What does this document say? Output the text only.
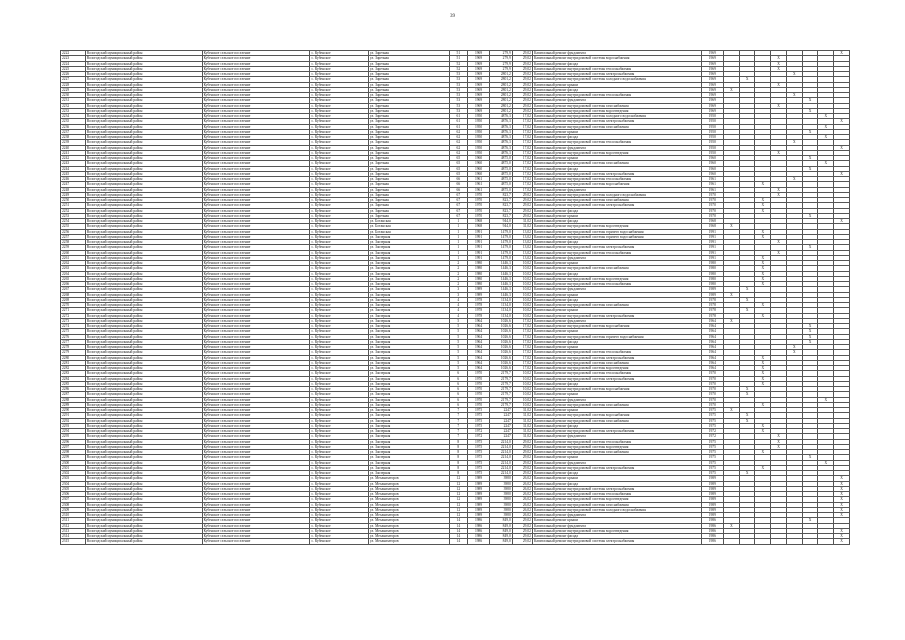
39
2222	Вологодский муниципальный район	Кубенское сельское поселение	с. Кубенское	ул. Заречная	51	1969	279,9	29,02	Капитальный ремонт фундамента	1969								X
2223	Вологодский муниципальный район	Кубенское сельское поселение	с. Кубенское	ул. Заречная	51	1969	279,9	29,02	Капитальный ремонт внутридомовой системы водоснабжения	1969				X				
2224	Вологодский муниципальный район	Кубенское сельское поселение	с. Кубенское	ул. Заречная	52	1969	279,9	29,02	Капитальный ремонт фасада	1969				X				
2225	Вологодский муниципальный район	Кубенское сельское поселение	с. Кубенское	ул. Заречная	52	1969	279,9	29,02	Капитальный ремонт внутридомовой системы теплоснабжения	1969				X				
2226	Вологодский муниципальный район	Кубенское сельское поселение	с. Кубенское	ул. Заречная	53	1969	2801,2	29,02	Капитальный ремонт внутридомовой системы электроснабжения	1969					X			
2227	Вологодский муниципальный район	Кубенское сельское поселение	с. Кубенское	ул. Заречная	53	1969	2801,2	29,02	Капитальный ремонт внутридомовой системы холодного водоснабжения	1969		X						
2228	Вологодский муниципальный район	Кубенское сельское поселение	с. Кубенское	ул. Заречная	53	1969	2801,2	29,02	Капитальный ремонт крыши	1969				X				
2229	Вологодский муниципальный район	Кубенское сельское поселение	с. Кубенское	ул. Заречная	53	1969	2801,2	29,02	Капитальный ремонт фасада	1969	X							
2230	Вологодский муниципальный район	Кубенское сельское поселение	с. Кубенское	ул. Заречная	53	1969	2801,2	29,02	Капитальный ремонт внутридомовой системы теплоснабжения	1969					X			
2231	Вологодский муниципальный район	Кубенское сельское поселение	с. Кубенское	ул. Заречная	53	1969	2801,2	29,02	Капитальный ремонт фундамента	1969						X		
2232	Вологодский муниципальный район	Кубенское сельское поселение	с. Кубенское	ул. Заречная	53	1969	2801,2	29,02	Капитальный ремонт внутридомовой системы газоснабжения	1969				X				
2233	Вологодский муниципальный район	Кубенское сельское поселение	с. Кубенское	ул. Заречная	53	1969	2801,2	29,02	Капитальный ремонт внутридомовой системы водоотведения	1969						X		
2234	Вологодский муниципальный район	Кубенское сельское поселение	с. Кубенское	ул. Заречная	61	1950	4876,3	17,02	Капитальный ремонт внутридомовой системы холодного водоснабжения	1950							X	
2235	Вологодский муниципальный район	Кубенское сельское поселение	с. Кубенское	ул. Заречная	61	1950	4876,3	17,02	Капитальный ремонт внутридомовой системы электроснабжения	1950								X
2236	Вологодский муниципальный район	Кубенское сельское поселение	с. Кубенское	ул. Заречная	61	1950	4876,3	17,02	Капитальный ремонт внутридомовой системы газоснабжения	1950							X	
2237	Вологодский муниципальный район	Кубенское сельское поселение	с. Кубенское	ул. Заречная	62	1950	4876,3	17,02	Капитальный ремонт крыши	1950						X		
2238	Вологодский муниципальный район	Кубенское сельское поселение	с. Кубенское	ул. Заречная	62	1950	4876,3	17,02	Капитальный ремонт фасада	1950							X	
2239	Вологодский муниципальный район	Кубенское сельское поселение	с. Кубенское	ул. Заречная	62	1950	4876,3	17,02	Капитальный ремонт внутридомовой системы теплоснабжения	1950					X			
2240	Вологодский муниципальный район	Кубенское сельское поселение	с. Кубенское	ул. Заречная	62	1950	4876,3	17,02	Капитальный ремонт фундамента	1950								X
2241	Вологодский муниципальный район	Кубенское сельское поселение	с. Кубенское	ул. Заречная	62	1950	4876,3	17,02	Капитальный ремонт внутридомовой системы водоотведения	1950				X				
2242	Вологодский муниципальный район	Кубенское сельское поселение	с. Кубенское	ул. Заречная	65	1960	4875,0	17,02	Капитальный ремонт крыши	1960						X		
2243	Вологодский муниципальный район	Кубенское сельское поселение	с. Кубенское	ул. Заречная	65	1960	4875,0	17,02	Капитальный ремонт внутридомовой системы газоснабжения	1960							X	
2244	Вологодский муниципальный район	Кубенское сельское поселение	с. Кубенское	ул. Заречная	65	1960	4875,0	17,02	Капитальный ремонт фасада	1960						X		
2245	Вологодский муниципальный район	Кубенское сельское поселение	с. Кубенское	ул. Заречная	65	1960	4875,0	17,02	Капитальный ремонт внутридомовой системы электроснабжения	1960								X
2246	Вологодский муниципальный район	Кубенское сельское поселение	с. Кубенское	ул. Заречная	66	1961	4875,0	17,02	Капитальный ремонт внутридомовой системы теплоснабжения	1961					X			
2247	Вологодский муниципальный район	Кубенское сельское поселение	с. Кубенское	ул. Заречная	66	1961	4875,0	17,02	Капитальный ремонт внутридомовой системы водоснабжения	1961			X					
2248	Вологодский муниципальный район	Кубенское сельское поселение	с. Кубенское	ул. Заречная	66	1961	4875,0	17,02	Капитальный ремонт фундамента	1961				X				
2249	Вологодский муниципальный район	Кубенское сельское поселение	с. Кубенское	ул. Заречная	67	1970	823,7	29,02	Капитальный ремонт внутридомовой системы холодного водоснабжения	1970				X				
2250	Вологодский муниципальный район	Кубенское сельское поселение	с. Кубенское	ул. Заречная	67	1970	823,7	29,02	Капитальный ремонт внутридомовой системы газоснабжения	1970			X					
2251	Вологодский муниципальный район	Кубенское сельское поселение	с. Кубенское	ул. Заречная	67	1970	823,7	29,02	Капитальный ремонт внутридомовой системы электроснабжения	1970			X					
2252	Вологодский муниципальный район	Кубенское сельское поселение	с. Кубенское	ул. Заречная	67	1970	823,7	29,02	Капитальный ремонт фасада	1970			X					
2253	Вологодский муниципальный район	Кубенское сельское поселение	с. Кубенское	ул. Заречная	67	1970	823,7	29,02	Капитальный ремонт крыши	1970						X		
2254	Вологодский муниципальный район	Кубенское сельское поселение	с. Кубенское	ул. Ботанская	1	1968	944,0	31,02	Капитальный ремонт фасада	1968								X
2255	Вологодский муниципальный район	Кубенское сельское поселение	с. Кубенское	ул. Ботанская	1	1968	944,0	31,02	Капитальный ремонт внутридомовой системы водоотведения	1968	X							
2256	Вологодский муниципальный район	Кубенское сельское поселение	с. Кубенское	ул. Ботанская	1	1991	1479,0	13,02	Капитальный ремонт внутридомовой системы горячего водоснабжения	1991			X					
2257	Вологодский муниципальный район	Кубенское сельское поселение	с. Кубенское	ул. Заозерная	1	1991	1479,0	13,02	Капитальный ремонт внутридомовой системы горячего водоснабжения	1991			X					
2258	Вологодский муниципальный район	Кубенское сельское поселение	с. Кубенское	ул. Заозерная	1	1991	1479,0	13,02	Капитальный ремонт фасада	1991				X				
2259	Вологодский муниципальный район	Кубенское сельское поселение	с. Кубенское	ул. Заозерная	1	1991	1479,0	13,02	Капитальный ремонт внутридомовой системы электроснабжения	1991						X		
2260	Вологодский муниципальный район	Кубенское сельское поселение	с. Кубенское	ул. Заозерная	1	1991	1479,0	13,02	Капитальный ремонт внутридомовой системы теплоснабжения	1991				X				
2261	Вологодский муниципальный район	Кубенское сельское поселение	с. Кубенское	ул. Заозерная	1	1991	1479,0	13,02	Капитальный ремонт фундамента	1991			X					
2262	Вологодский муниципальный район	Кубенское сельское поселение	с. Кубенское	ул. Заозерная	2	1980	1446,3	10,02	Капитальный ремонт крыши	1980			X					
2263	Вологодский муниципальный район	Кубенское сельское поселение	с. Кубенское	ул. Заозерная	2	1980	1446,3	10,02	Капитальный ремонт внутридомовой системы газоснабжения	1980			X					
2264	Вологодский муниципальный район	Кубенское сельское поселение	с. Кубенское	ул. Заозерная	2	1980	1446,3	10,02	Капитальный ремонт фасада	1980			X					
2265	Вологодский муниципальный район	Кубенское сельское поселение	с. Кубенское	ул. Заозерная	2	1980	1446,3	10,02	Капитальный ремонт внутридомовой системы водоотведения	1980			X					
2266	Вологодский муниципальный район	Кубенское сельское поселение	с. Кубенское	ул. Заозерная	2	1980	1446,3	10,02	Капитальный ремонт внутридомовой системы теплоснабжения	1980			X					
2267	Вологодский муниципальный район	Кубенское сельское поселение	с. Кубенское	ул. Заозерная	3	1989	1446,3	10,02	Капитальный ремонт фундамента	1989		X						
2268	Вологодский муниципальный район	Кубенское сельское поселение	с. Кубенское	ул. Заозерная	3	1989	1446,3	10,02	Капитальный ремонт крыши	1989	X							
2269	Вологодский муниципальный район	Кубенское сельское поселение	с. Кубенское	ул. Заозерная	4	1978	1134,0	10,02	Капитальный ремонт фасада	1978		X						
2270	Вологодский муниципальный район	Кубенское сельское поселение	с. Кубенское	ул. Заозерная	4	1978	1134,0	10,02	Капитальный ремонт внутридомовой системы газоснабжения	1978			X					
2271	Вологодский муниципальный район	Кубенское сельское поселение	с. Кубенское	ул. Заозерная	4	1978	1134,0	10,02	Капитальный ремонт крыши	1978		X						
2272	Вологодский муниципальный район	Кубенское сельское поселение	с. Кубенское	ул. Заозерная	4	1978	1134,0	10,02	Капитальный ремонт внутридомовой системы электроснабжения	1978			X					
2273	Вологодский муниципальный район	Кубенское сельское поселение	с. Кубенское	ул. Заозерная	5	1964	1026,6	17,02	Капитальный ремонт фундамента	1964	X							
2274	Вологодский муниципальный район	Кубенское сельское поселение	с. Кубенское	ул. Заозерная	5	1964	1026,6	17,02	Капитальный ремонт внутридомовой системы водоснабжения	1964						X		
2275	Вологодский муниципальный район	Кубенское сельское поселение	с. Кубенское	ул. Заозерная	5	1964	1026,6	17,02	Капитальный ремонт крыши	1964						X		
2276	Вологодский муниципальный район	Кубенское сельское поселение	с. Кубенское	ул. Заозерная	5	1964	1026,6	17,02	Капитальный ремонт внутридомовой системы горячего водоснабжения	1964						X		
2277	Вологодский муниципальный район	Кубенское сельское поселение	с. Кубенское	ул. Заозерная	5	1964	1026,6	17,02	Капитальный ремонт фасада	1964						X		
2278	Вологодский муниципальный район	Кубенское сельское поселение	с. Кубенское	ул. Заозерная	5	1964	1026,6	17,02	Капитальный ремонт крыши	1964					X			
2279	Вологодский муниципальный район	Кубенское сельское поселение	с. Кубенское	ул. Заозерная	5	1964	1026,6	17,02	Капитальный ремонт внутридомовой системы теплоснабжения	1964					X			
2280	Вологодский муниципальный район	Кубенское сельское поселение	с. Кубенское	ул. Заозерная	5	1964	1026,6	17,02	Капитальный ремонт внутридомовой системы электроснабжения	1964			X					
2281	Вологодский муниципальный район	Кубенское сельское поселение	с. Кубенское	ул. Заозерная	5	1964	1026,6	17,02	Капитальный ремонт внутридомовой системы газоснабжения	1964			X					
2282	Вологодский муниципальный район	Кубенское сельское поселение	с. Кубенское	ул. Заозерная	5	1964	1026,6	17,02	Капитальный ремонт внутридомовой системы водоотведения	1964			X					
2283	Вологодский муниципальный район	Кубенское сельское поселение	с. Кубенское	ул. Заозерная	6	1970	2179,7	10,02	Капитальный ремонт внутридомовой системы теплоснабжения	1970			X					
2284	Вологодский муниципальный район	Кубенское сельское поселение	с. Кубенское	ул. Заозерная	6	1970	2179,7	10,02	Капитальный ремонт внутридомовой системы электроснабжения	1970			X					
2285	Вологодский муниципальный район	Кубенское сельское поселение	с. Кубенское	ул. Заозерная	6	1970	2179,7	10,02	Капитальный ремонт фасада	1970			X					
2286	Вологодский муниципальный район	Кубенское сельское поселение	с. Кубенское	ул. Заозерная	6	1970	2179,7	10,02	Капитальный ремонт внутридомовой системы водоснабжения	1970		X						
2287	Вологодский муниципальный район	Кубенское сельское поселение	с. Кубенское	ул. Заозерная	6	1970	2179,7	10,02	Капитальный ремонт крыши	1970		X						
2288	Вологодский муниципальный район	Кубенское сельское поселение	с. Кубенское	ул. Заозерная	6	1970	2179,7	10,02	Капитальный ремонт фундамента	1970							X	
2289	Вологодский муниципальный район	Кубенское сельское поселение	с. Кубенское	ул. Заозерная	6	1970	2179,7	10,02	Капитальный ремонт внутридомовой системы газоснабжения	1970			X					
2290	Вологодский муниципальный район	Кубенское сельское поселение	с. Кубенское	ул. Заозерная	7	1975	2247	31,02	Капитальный ремонт крыши	1975	X							
2291	Вологодский муниципальный район	Кубенское сельское поселение	с. Кубенское	ул. Заозерная	7	1975	2247	31,02	Капитальный ремонт внутридомовой системы водоснабжения	1975		X						
2292	Вологодский муниципальный район	Кубенское сельское поселение	с. Кубенское	ул. Заозерная	7	1975	2247	31,02	Капитальный ремонт внутридомовой системы газоснабжения	1975		X						
2293	Вологодский муниципальный район	Кубенское сельское поселение	с. Кубенское	ул. Заозерная	7	1975	2247	31,02	Капитальный ремонт фасада	1975			X					
2294	Вологодский муниципальный район	Кубенское сельское поселение	с. Кубенское	ул. Заозерная	7	1972	2247	31,02	Капитальный ремонт внутридомовой системы электроснабжения	1972			X					
2295	Вологодский муниципальный район	Кубенское сельское поселение	с. Кубенское	ул. Заозерная	7	1972	2247	31,02	Капитальный ремонт фундамента	1972				X				
2296	Вологодский муниципальный район	Кубенское сельское поселение	с. Кубенское	ул. Заозерная	8	1975	2214,0	29,02	Капитальный ремонт внутридомовой системы теплоснабжения	1975				X				
2297	Вологодский муниципальный район	Кубенское сельское поселение	с. Кубенское	ул. Заозерная	8	1975	2214,0	29,02	Капитальный ремонт внутридомовой системы водоотведения	1975				X				
2298	Вологодский муниципальный район	Кубенское сельское поселение	с. Кубенское	ул. Заозерная	8	1975	2214,0	29,02	Капитальный ремонт внутридомовой системы газоснабжения	1975			X					
2299	Вологодский муниципальный район	Кубенское сельское поселение	с. Кубенское	ул. Заозерная	8	1975	2214,0	29,02	Капитальный ремонт крыши	1975						X		
2300	Вологодский муниципальный район	Кубенское сельское поселение	с. Кубенское	ул. Заозерная	8	1975	2214,0	29,02	Капитальный ремонт фундамента	1975							X	
2301	Вологодский муниципальный район	Кубенское сельское поселение	с. Кубенское	ул. Заозерная	8	1975	2214,0	29,02	Капитальный ремонт внутридомовой системы электроснабжения	1975			X					
2302	Вологодский муниципальный район	Кубенское сельское поселение	с. Кубенское	ул. Заозерная	8	1975	2214,0	29,02	Капитальный ремонт фасада	1975		X						
2303	Вологодский муниципальный район	Кубенское сельское поселение	с. Кубенское	ул. Механизаторов	12	1989	3980	26,02	Капитальный ремонт крыши	1989								X
2304	Вологодский муниципальный район	Кубенское сельское поселение	с. Кубенское	ул. Механизаторов	12	1989	3980	26,02	Капитальный ремонт фасада	1989								X
2305	Вологодский муниципальный район	Кубенское сельское поселение	с. Кубенское	ул. Механизаторов	12	1989	3980	26,02	Капитальный ремонт внутридомовой системы электроснабжения	1989								X
2306	Вологодский муниципальный район	Кубенское сельское поселение	с. Кубенское	ул. Механизаторов	12	1989	3980	26,02	Капитальный ремонт внутридомовой системы теплоснабжения	1989								X
2307	Вологодский муниципальный район	Кубенское сельское поселение	с. Кубенское	ул. Механизаторов	12	1989	3980	26,02	Капитальный ремонт внутридомовой системы водоотведения	1989								X
2308	Вологодский муниципальный район	Кубенское сельское поселение	с. Кубенское	ул. Механизаторов	12	1989	3980	26,02	Капитальный ремонт внутридомовой системы газоснабжения	1989								X
2309	Вологодский муниципальный район	Кубенское сельское поселение	с. Кубенское	ул. Механизаторов	12	1989	3980	26,02	Капитальный ремонт внутридомовой системы холодного водоснабжения	1989								X
2310	Вологодский муниципальный район	Кубенское сельское поселение	с. Кубенское	ул. Механизаторов	12	1989	3980	26,02	Капитальный ремонт фундамента	1989								X
2311	Вологодский муниципальный район	Кубенское сельское поселение	с. Кубенское	ул. Механизаторов	14	1986	849,0	29,02	Капитальный ремонт крыши	1986						X		
2312	Вологодский муниципальный район	Кубенское сельское поселение	с. Кубенское	ул. Механизаторов	14	1986	849,0	29,02	Капитальный ремонт фундамента	1986	X							
2313	Вологодский муниципальный район	Кубенское сельское поселение	с. Кубенское	ул. Механизаторов	14	1986	849,0	29,02	Капитальный ремонт внутридомовой системы водоотведения	1986								X
2314	Вологодский муниципальный район	Кубенское сельское поселение	с. Кубенское	ул. Механизаторов	14	1986	849,0	29,02	Капитальный ремонт фасада	1986								X
2315	Вологодский муниципальный район	Кубенское сельское поселение	с. Кубенское	ул. Механизаторов	14	1986	849,0	29,02	Капитальный ремонт внутридомовой системы электроснабжения	1986								X
